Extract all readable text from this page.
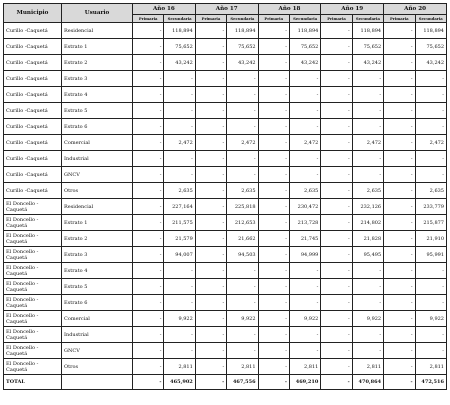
Municipio	Usuario	Año 16		Año 17		Año 18		Año 19		Año 20	
		Primaria	Secundaria	Primaria	Secundaria	Primaria	Secundaria	Primaria	Secundaria	Primaria	Secundaria
Curillo -Caquetá	Residencial	-	118,894	-	118,894	-	118,894	-	118,894	-	118,894
Curillo -Caquetá	Estrato 1	-	75,652	-	75,652	-	75,652	-	75,652	-	75,652
Curillo -Caquetá	Estrato 2	-	43,242	-	43,242	-	43,242	-	43,242	-	43,242
Curillo -Caquetá	Estrato 3	-	-	-	-	-	-	-	-	-	-
Curillo -Caquetá	Estrato 4	-	-	-	-	-	-	-	-	-	-
Curillo -Caquetá	Estrato 5	-	-	-	-	-	-	-	-	-	-
Curillo -Caquetá	Estrato 6	-	-	-	-	-	-	-	-	-	-
Curillo -Caquetá	Comercial	-	2,472	-	2,472	-	2,472	-	2,472	-	2,472
Curillo -Caquetá	Industrial	-	-	-	-	-	-	-	-	-	-
Curillo -Caquetá	GNCV	-	-	-	-	-	-	-	-	-	-
Curillo -Caquetá	Otros	-	2,635	-	2,635	-	2,635	-	2,635	-	2,635
El Doncello - Caquetá	Residencial	-	227,164	-	225,818	-	230,472	-	232,126	-	233,779
El Doncello - Caquetá	Estrato 1	-	211,575	-	212,653	-	213,728	-	214,802	-	215,877
El Doncello - Caquetá	Estrato 2	-	21,579	-	21,662	-	21,745	-	21,828	-	21,910
El Doncello - Caquetá	Estrato 3	-	94,007	-	94,503	-	94,999	-	95,495	-	95,991
El Doncello - Caquetá	Estrato 4	-	-	-	-	-	-	-	-	-	-
El Doncello - Caquetá	Estrato 5	-	-	-	-	-	-	-	-	-	-
El Doncello - Caquetá	Estrato 6	-	-	-	-	-	-	-	-	-	-
El Doncello - Caquetá	Comercial	-	9,922	-	9,922	-	9,922	-	9,922	-	9,922
El Doncello - Caquetá	Industrial	-	-	-	-	-	-	-	-	-	-
El Doncello - Caquetá	GNCV	-	-	-	-	-	-	-	-	-	-
El Doncello - Caquetá	Otros	-	2,811	-	2,811	-	2,811	-	2,811	-	2,811
TOTAL		-	465,902	-	467,556	-	469,210	-	470,864	-	472,516
